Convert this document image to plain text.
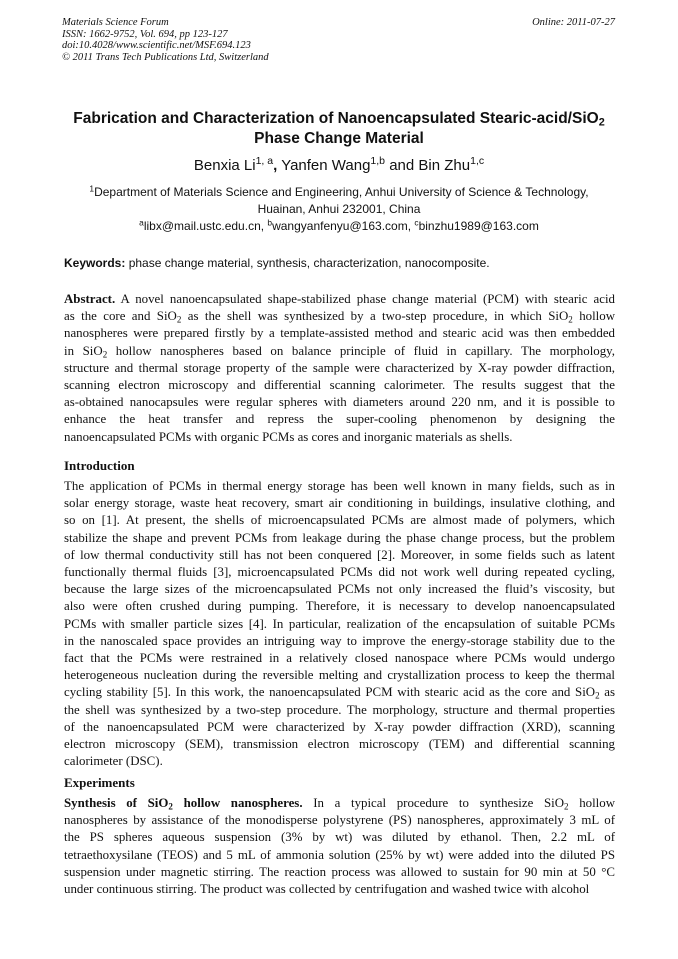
Materials Science Forum
ISSN: 1662-9752, Vol. 694, pp 123-127
doi:10.4028/www.scientific.net/MSF.694.123
© 2011 Trans Tech Publications Ltd, Switzerland
Online: 2011-07-27
Fabrication and Characterization of Nanoencapsulated Stearic-acid/SiO$_2$
Phase Change Material
Benxia Li$^{1, a}$, Yanfen Wang$^{1,b}$ and Bin Zhu$^{1,c}$
$^1$Department of Materials Science and Engineering, Anhui University of Science & Technology,
Huainan, Anhui 232001, China
$^a$libx@mail.ustc.edu.cn, $^b$wangyanfenyu@163.com, $^c$binzhu1989@163.com
Keywords: phase change material, synthesis, characterization, nanocomposite.
Abstract. A novel nanoencapsulated shape-stabilized phase change material (PCM) with stearic acid
as the core and SiO$_2$ as the shell was synthesized by a two-step procedure, in which SiO$_2$ hollow
nanospheres were prepared firstly by a template-assisted method and stearic acid was then embedded
in SiO$_2$ hollow nanospheres based on balance principle of fluid in capillary. The morphology,
structure and thermal storage property of the sample were characterized by X-ray powder diffraction,
scanning electron microscopy and differential scanning calorimeter. The results suggest that the
as-obtained nanocapsules were regular spheres with diameters around 220 nm, and it is possible to
enhance the heat transfer and repress the super-cooling phenomenon by designing the
nanoencapsulated PCMs with organic PCMs as cores and inorganic materials as shells.
Introduction
The application of PCMs in thermal energy storage has been well known in many fields, such as in
solar energy storage, waste heat recovery, smart air conditioning in buildings, insulative clothing, and
so on [1]. At present, the shells of microencapsulated PCMs are almost made of polymers, which
stabilize the shape and prevent PCMs from leakage during the phase change process, but the problem
of low thermal conductivity still has not been conquered [2]. Moreover, in some fields such as latent
functionally thermal fluids [3], microencapsulated PCMs did not work well during repeated cycling,
because the large sizes of the microencapsulated PCMs not only increased the fluid’s viscosity, but
also were often crushed during pumping. Therefore, it is necessary to develop nanoencapsulated
PCMs with smaller particle sizes [4]. In particular, realization of the encapsulation of suitable PCMs
in the nanoscaled space provides an intriguing way to improve the energy-storage stability due to the
fact that the PCMs were restrained in a relatively closed nanospace where PCMs would undergo
heterogeneous nucleation during the reversible melting and crystallization process to keep the thermal
cycling stability [5]. In this work, the nanoencapsulated PCM with stearic acid as the core and SiO$_2$ as
the shell was synthesized by a two-step procedure. The morphology, structure and thermal properties
of the nanoencapsulated PCM were characterized by X-ray powder diffraction (XRD), scanning
electron microscopy (SEM), transmission electron microscopy (TEM) and differential scanning
calorimeter (DSC).
Experiments
Synthesis of SiO$_2$ hollow nanospheres. In a typical procedure to synthesize SiO$_2$ hollow
nanospheres by assistance of the monodisperse polystyrene (PS) nanospheres, approximately 3 mL of
the PS spheres aqueous suspension (3% by wt) was diluted by ethanol. Then, 2.2 mL of
tetraethoxysilane (TEOS) and 5 mL of ammonia solution (25% by wt) were added into the diluted PS
suspension under magnetic stirring. The reaction process was allowed to sustain for 90 min at 50 °C
under continuous stirring. The product was collected by centrifugation and washed twice with alcohol
